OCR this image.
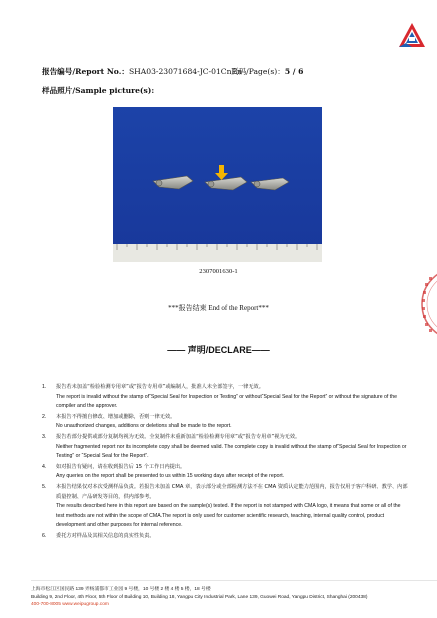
报告编号/Report No.：SHA03-23071684-JC-01CnEn
页码/Page(s)：5 / 6
样品照片/Sample picture(s):
2307001630-1
***报告结束 End of the Report***
—— 声明/DECLARE——
1.	报告若未加盖“检验检测专用章”或“报告专用章”或编制人，批准人未全部签字，一律无效。
The report is invalid without the stamp of“Special Seal for Inspection or Testing” or without“Special Seal for the Report” or without the signature of the compiler and the approver.
2.	本报告不得擅自修改、增加或删除，否则一律无效。
No unauthorized changes, additions or deletions shall be made to the report.
3.	报告若部分提供或部分复制均视为无效。全复制件未重新加盖“检验检测专用章”或“报告专用章”视为无效。
Neither fragmented report nor its incomplete copy shall be deemed valid. The complete copy is invalid without the stamp of“Special Seal for Inspection or Testing” or “Special Seal for the Report”.
4.	如对报告有疑问，请在收到报告后 15 个工作日内提出。
Any queries on the report shall be presented to us within 15 working days after receipt of the report.
5.	本报告结果仅对本次受测样品负责。若报告未加盖 CMA 章，表示部分或全部检测方法不在 CMA 资质认定能力范围内，报告仅用于客户科研、教学、内部质量控制、产品研发等目的，供内部参考。
The results described here in this report are based on the sample(s) tested. If the report is not stamped with CMA logo, it means that some or all of the test methods are not within the scope of CMA.The report is only used for customer scientific research, teaching, internal quality control, product development and other purposes for internal reference.
6.	委托方对样品及其相关信息的真实性负责。
上海市松江区国民路 139 弄杨浦都市工业园 9 号楼，10 号楼 2 楼 4 楼 5 楼，18 号楼
Building 9, 2nd Floor, 4th Floor, 5th Floor of Building 10, Building 18, Yangpu City Industrial Park, Lane 139, Guowei Road, Yangpu District, Shanghai (200438)
400-700-8005 www.weipugroup.com
